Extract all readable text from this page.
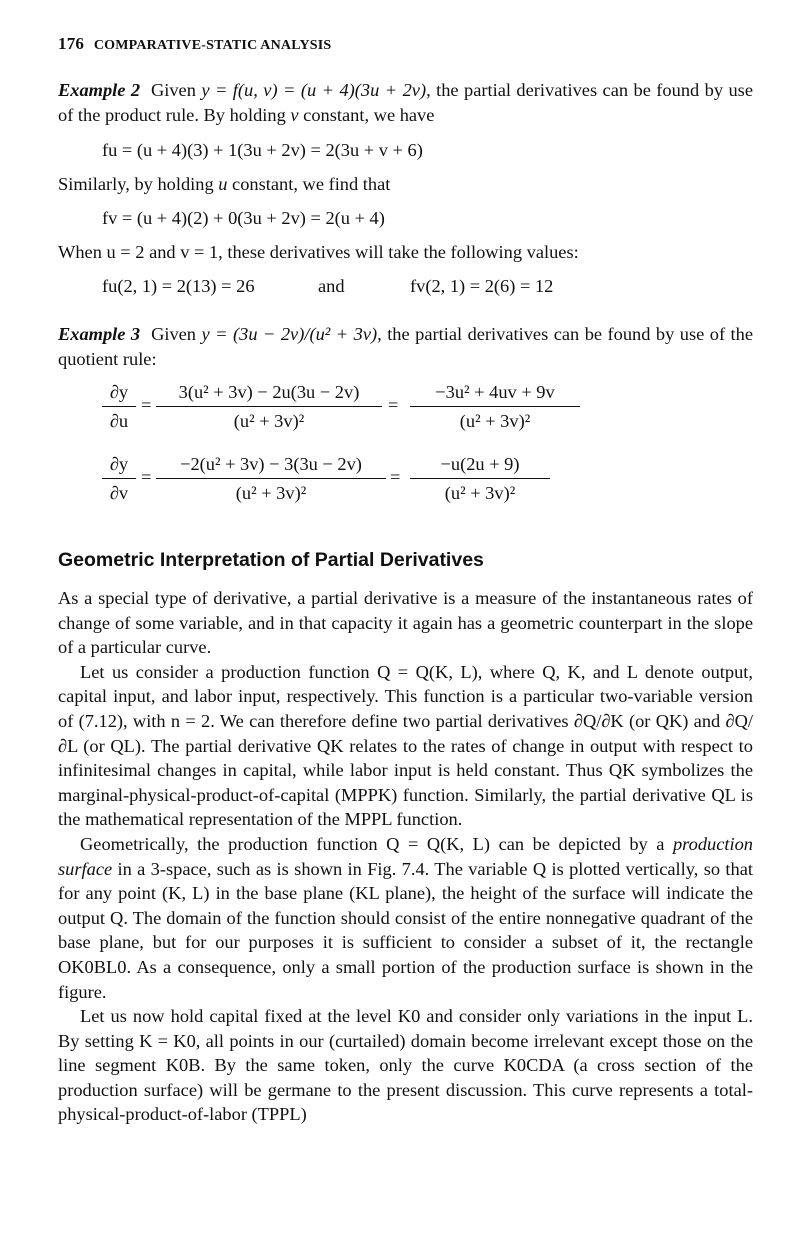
176 COMPARATIVE-STATIC ANALYSIS
Example 2 Given y = f(u, v) = (u + 4)(3u + 2v), the partial derivatives can be found by use of the product rule. By holding v constant, we have
fu = (u + 4)(3) + 1(3u + 2v) = 2(3u + v + 6)
Similarly, by holding u constant, we find that
fv = (u + 4)(2) + 0(3u + 2v) = 2(u + 4)
When u = 2 and v = 1, these derivatives will take the following values:
fu(2, 1) = 2(13) = 26	and	fv(2, 1) = 2(6) = 12
Example 3 Given y = (3u − 2v)/(u² + 3v), the partial derivatives can be found by use of the quotient rule:
∂y
∂u
=
3(u² + 3v) − 2u(3u − 2v)
(u² + 3v)²
=
−3u² + 4uv + 9v
(u² + 3v)²
∂y
∂v
=
−2(u² + 3v) − 3(3u − 2v)
(u² + 3v)²
=
−u(2u + 9)
(u² + 3v)²
Geometric Interpretation of Partial Derivatives

As a special type of derivative, a partial derivative is a measure of the instantaneous rates of change of some variable, and in that capacity it again has a geometric counterpart in the slope of a particular curve.

Let us consider a production function Q = Q(K, L), where Q, K, and L denote output, capital input, and labor input, respectively. This function is a particular two-variable version of (7.12), with n = 2. We can therefore define two partial derivatives ∂Q/∂K (or QK) and ∂Q/∂L (or QL). The partial derivative QK relates to the rates of change in output with respect to infinitesimal changes in capital, while labor input is held constant. Thus QK symbolizes the marginal-physical-product-of-capital (MPPK) function. Similarly, the partial derivative QL is the mathematical representation of the MPPL function.

Geometrically, the production function Q = Q(K, L) can be depicted by a production surface in a 3-space, such as is shown in Fig. 7.4. The variable Q is plotted vertically, so that for any point (K, L) in the base plane (KL plane), the height of the surface will indicate the output Q. The domain of the function should consist of the entire nonnegative quadrant of the base plane, but for our purposes it is sufficient to consider a subset of it, the rectangle OK0BL0. As a consequence, only a small portion of the production surface is shown in the figure.

Let us now hold capital fixed at the level K0 and consider only variations in the input L. By setting K = K0, all points in our (curtailed) domain become irrelevant except those on the line segment K0B. By the same token, only the curve K0CDA (a cross section of the production surface) will be germane to the present discussion. This curve represents a total-physical-product-of-labor (TPPL)
